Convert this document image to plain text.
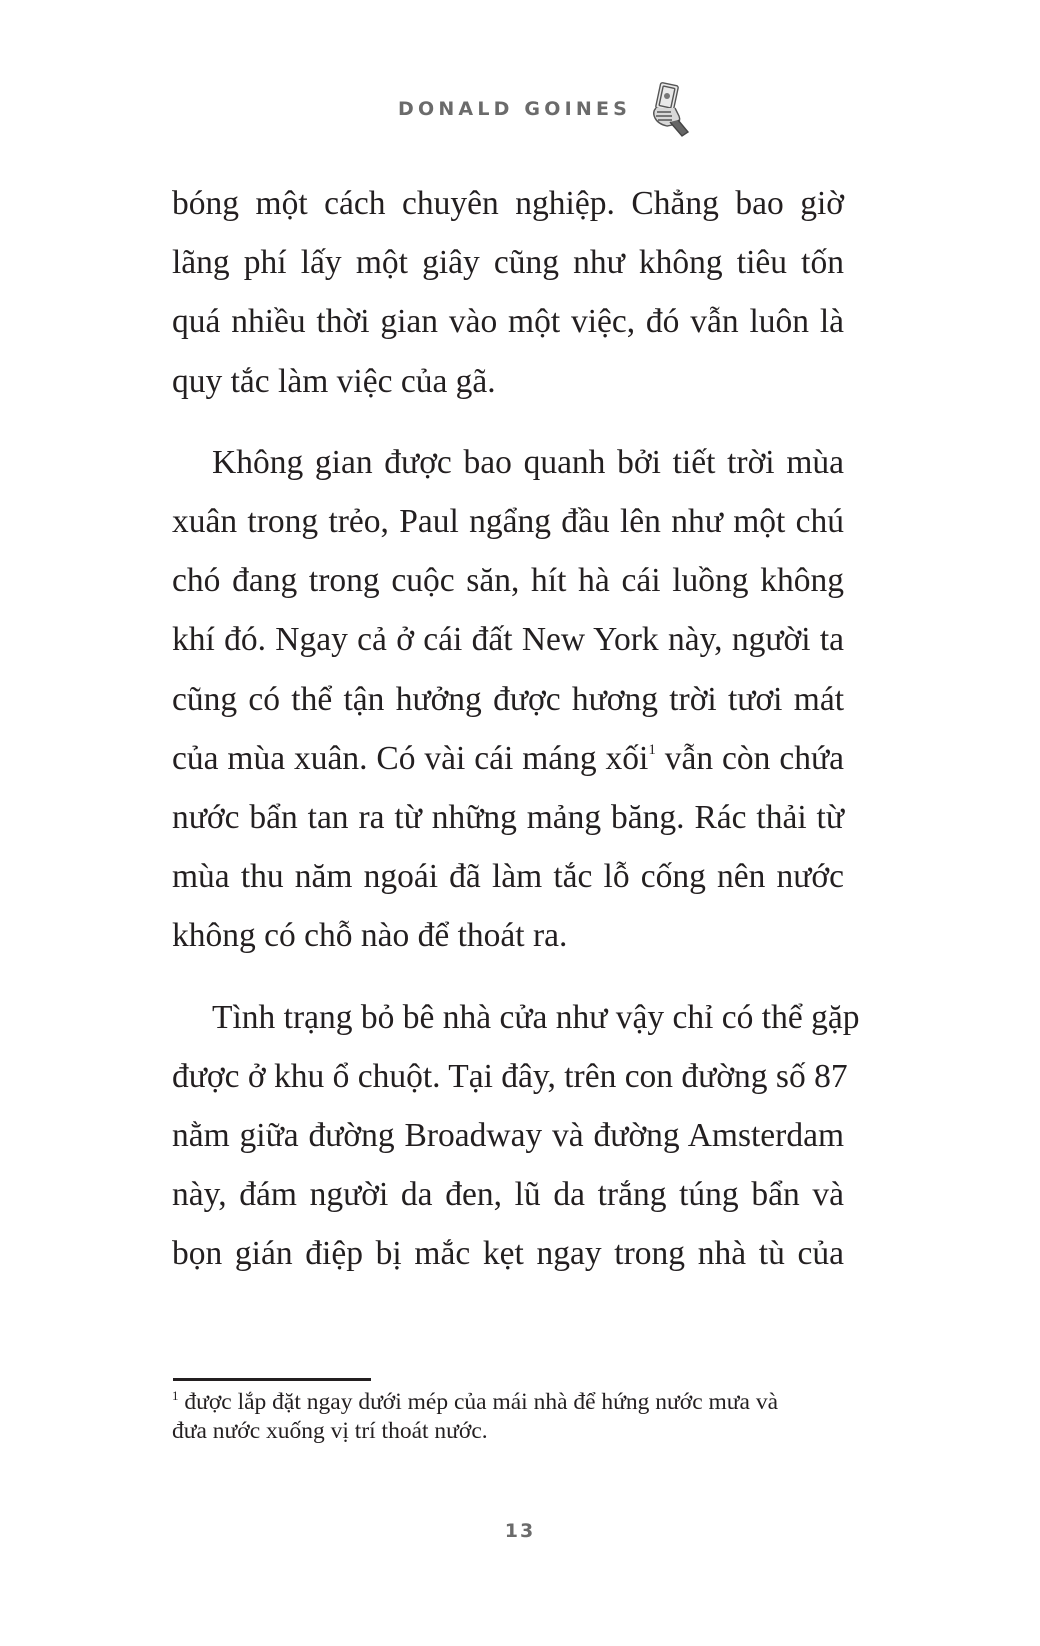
DONALD GOINES

bóng một cách chuyên nghiệp. Chẳng bao giờ
lãng phí lấy một giây cũng như không tiêu tốn
quá nhiều thời gian vào một việc, đó vẫn luôn là
quy tắc làm việc của gã.

Không gian được bao quanh bởi tiết trời mùa
xuân trong trẻo, Paul ngẩng đầu lên như một chú
chó đang trong cuộc săn, hít hà cái luồng không
khí đó. Ngay cả ở cái đất New York này, người ta
cũng có thể tận hưởng được hương trời tươi mát
của mùa xuân. Có vài cái máng xối$^1$ vẫn còn chứa
nước bẩn tan ra từ những mảng băng. Rác thải từ
mùa thu năm ngoái đã làm tắc lỗ cống nên nước
không có chỗ nào để thoát ra.

Tình trạng bỏ bê nhà cửa như vậy chỉ có thể gặp
được ở khu ổ chuột. Tại đây, trên con đường số 87
nằm giữa đường Broadway và đường Amsterdam
này, đám người da đen, lũ da trắng túng bẩn và
bọn gián điệp bị mắc kẹt ngay trong nhà tù của

$^1$ được lắp đặt ngay dưới mép của mái nhà để hứng nước mưa và
đưa nước xuống vị trí thoát nước.
13
